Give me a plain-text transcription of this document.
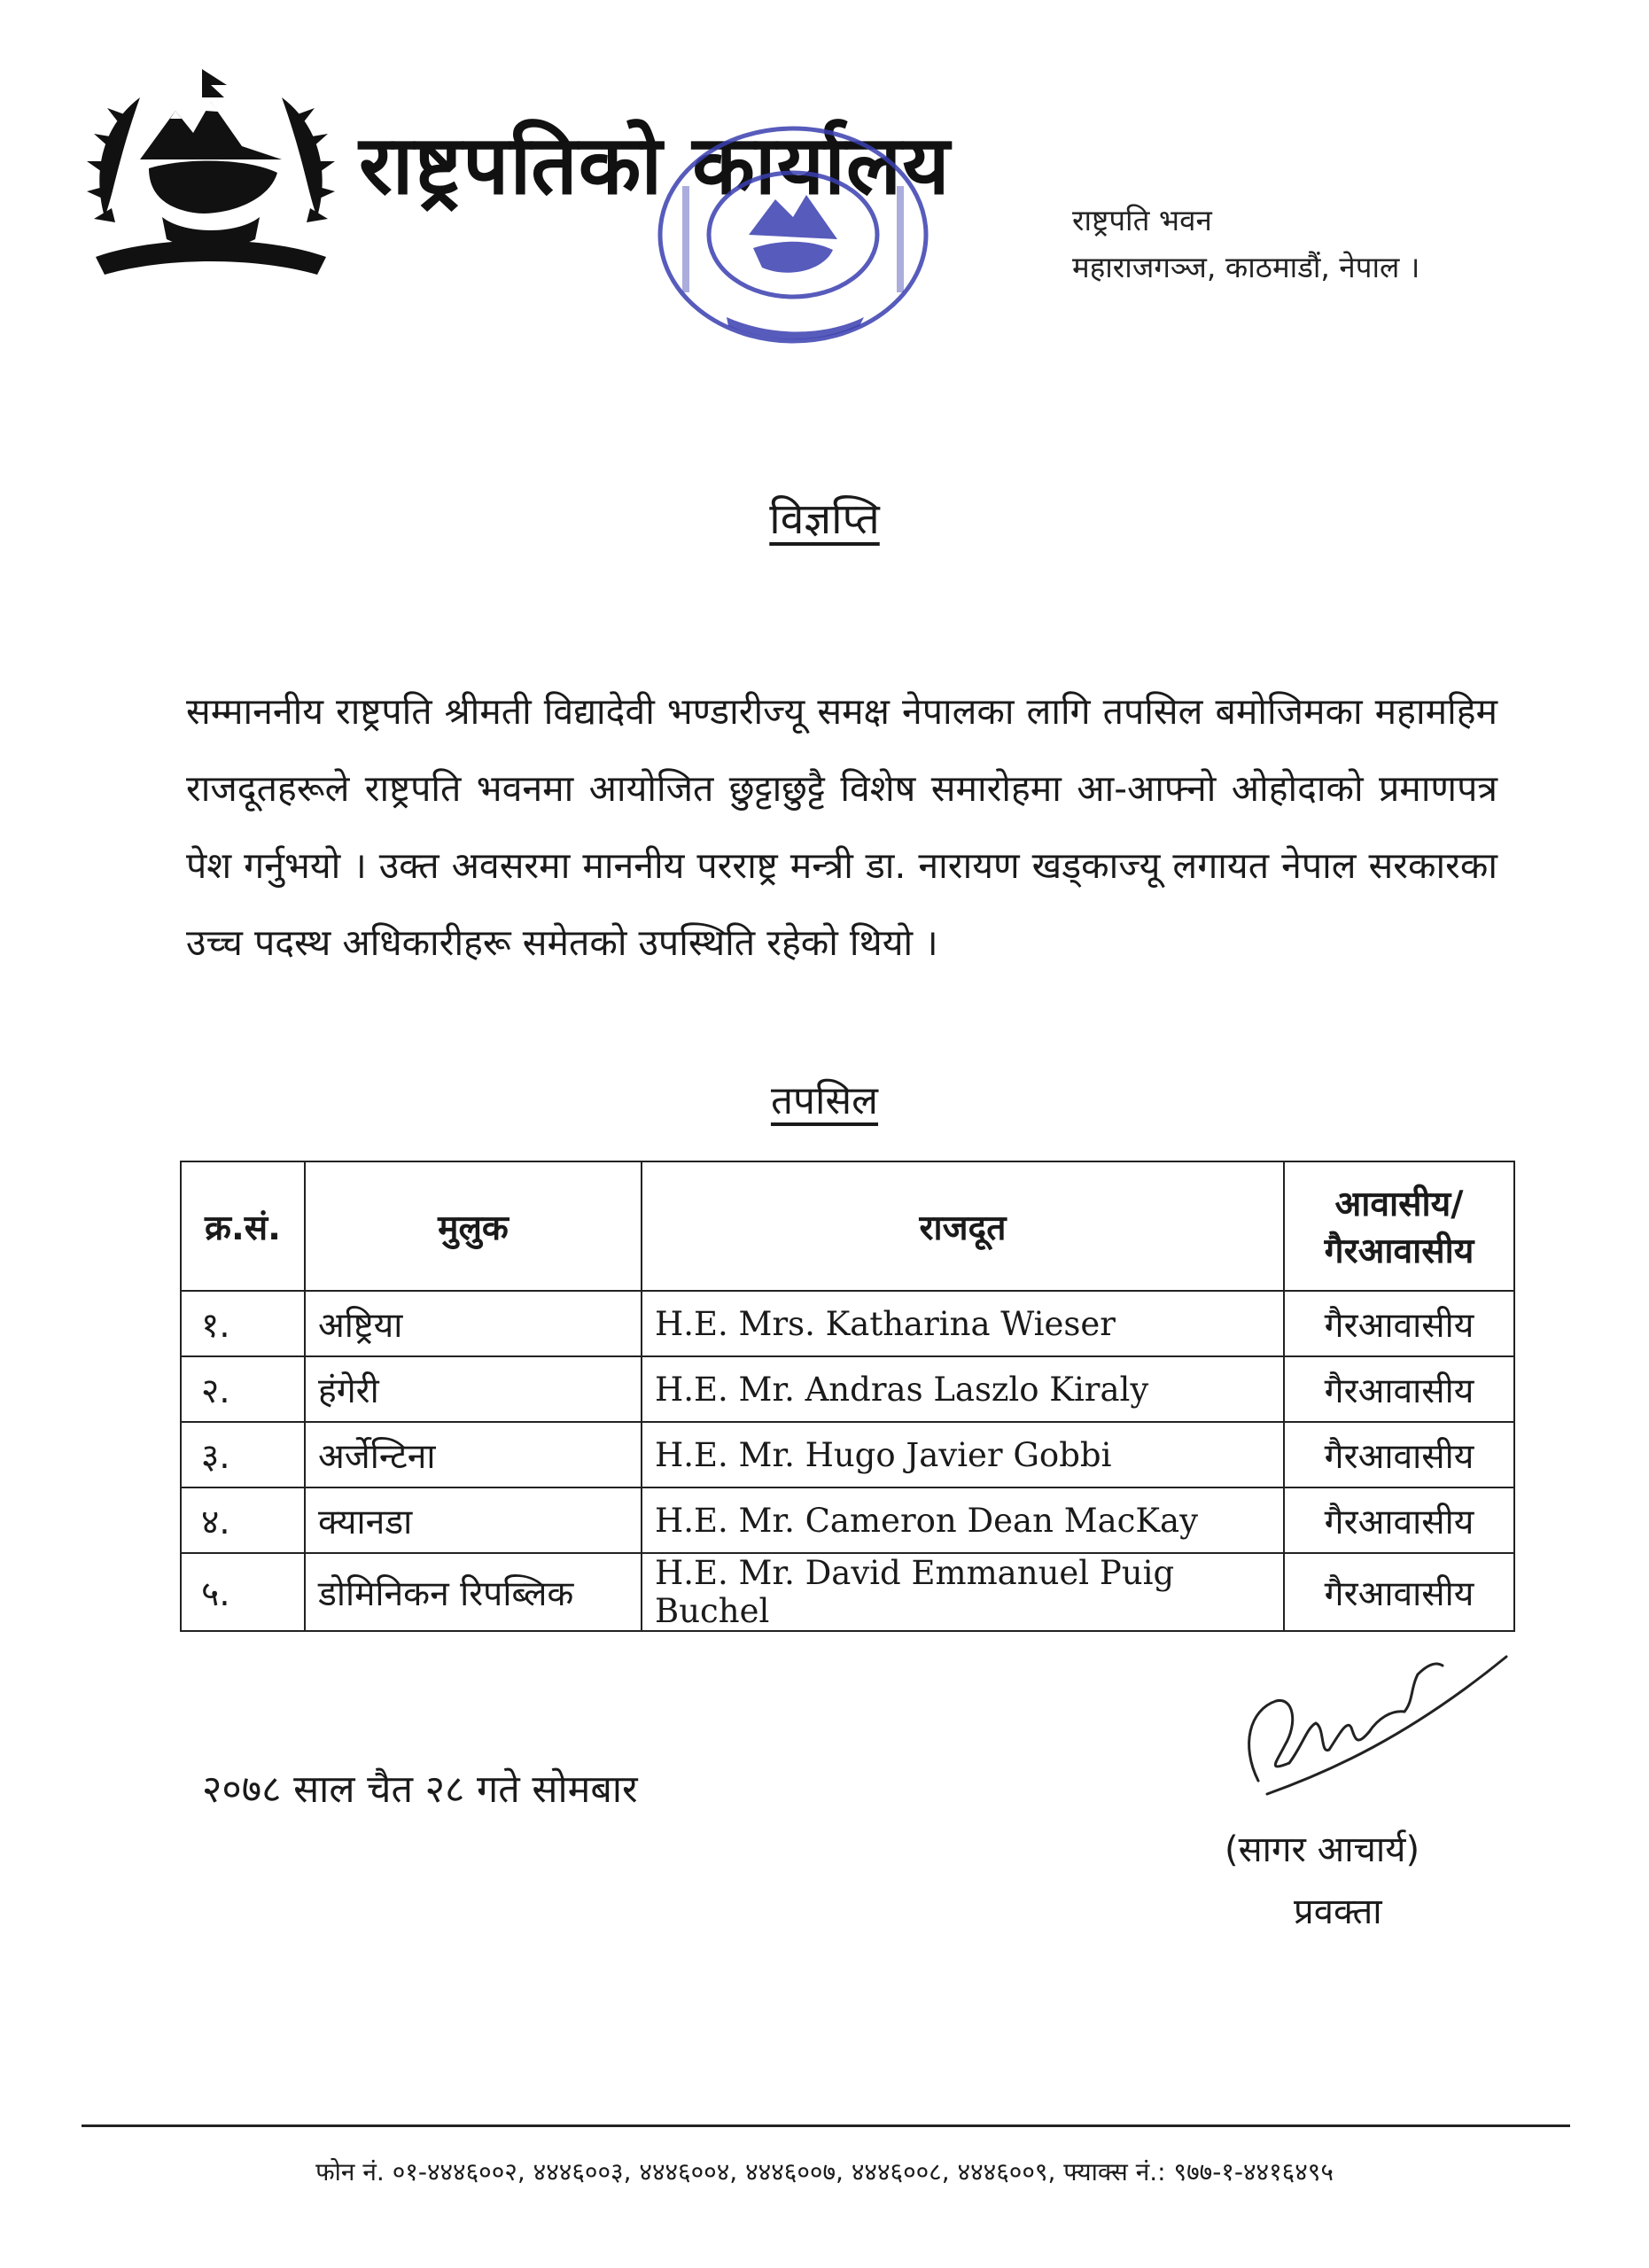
राष्ट्रपतिको कार्यालय
राष्ट्रपति भवन
महाराजगञ्ज, काठमाडौं, नेपाल ।
विज्ञप्ति
सम्माननीय राष्ट्रपति श्रीमती विद्यादेवी भण्डारीज्यू समक्ष नेपालका लागि तपसिल बमोजिमका महामहिम राजदूतहरूले राष्ट्रपति भवनमा आयोजित छुट्टाछुट्टै विशेष समारोहमा आ-आफ्नो ओहोदाको प्रमाणपत्र पेश गर्नुभयो । उक्त अवसरमा माननीय परराष्ट्र मन्त्री डा. नारायण खड्काज्यू लगायत नेपाल सरकारका उच्च पदस्थ अधिकारीहरू समेतको उपस्थिति रहेको थियो ।
तपसिल
क्र.सं.	मुलुक	राजदूत	आवासीय/
गैरआवासीय

१.	अष्ट्रिया	H.E. Mrs. Katharina Wieser	गैरआवासीय
२.	हंगेरी	H.E. Mr. Andras Laszlo Kiraly	गैरआवासीय
३.	अर्जेन्टिना	H.E. Mr. Hugo Javier Gobbi	गैरआवासीय
४.	क्यानडा	H.E. Mr. Cameron Dean MacKay	गैरआवासीय
५.	डोमिनिकन रिपब्लिक	H.E. Mr. David Emmanuel Puig Buchel	गैरआवासीय
२०७८ साल चैत २८ गते सोमबार
(सागर आचार्य)
प्रवक्ता
फोन नं. ०१-४४४६००२, ४४४६००३, ४४४६००४, ४४४६००७, ४४४६००८, ४४४६००९, फ्याक्स नं.: ९७७-१-४४१६४९५
